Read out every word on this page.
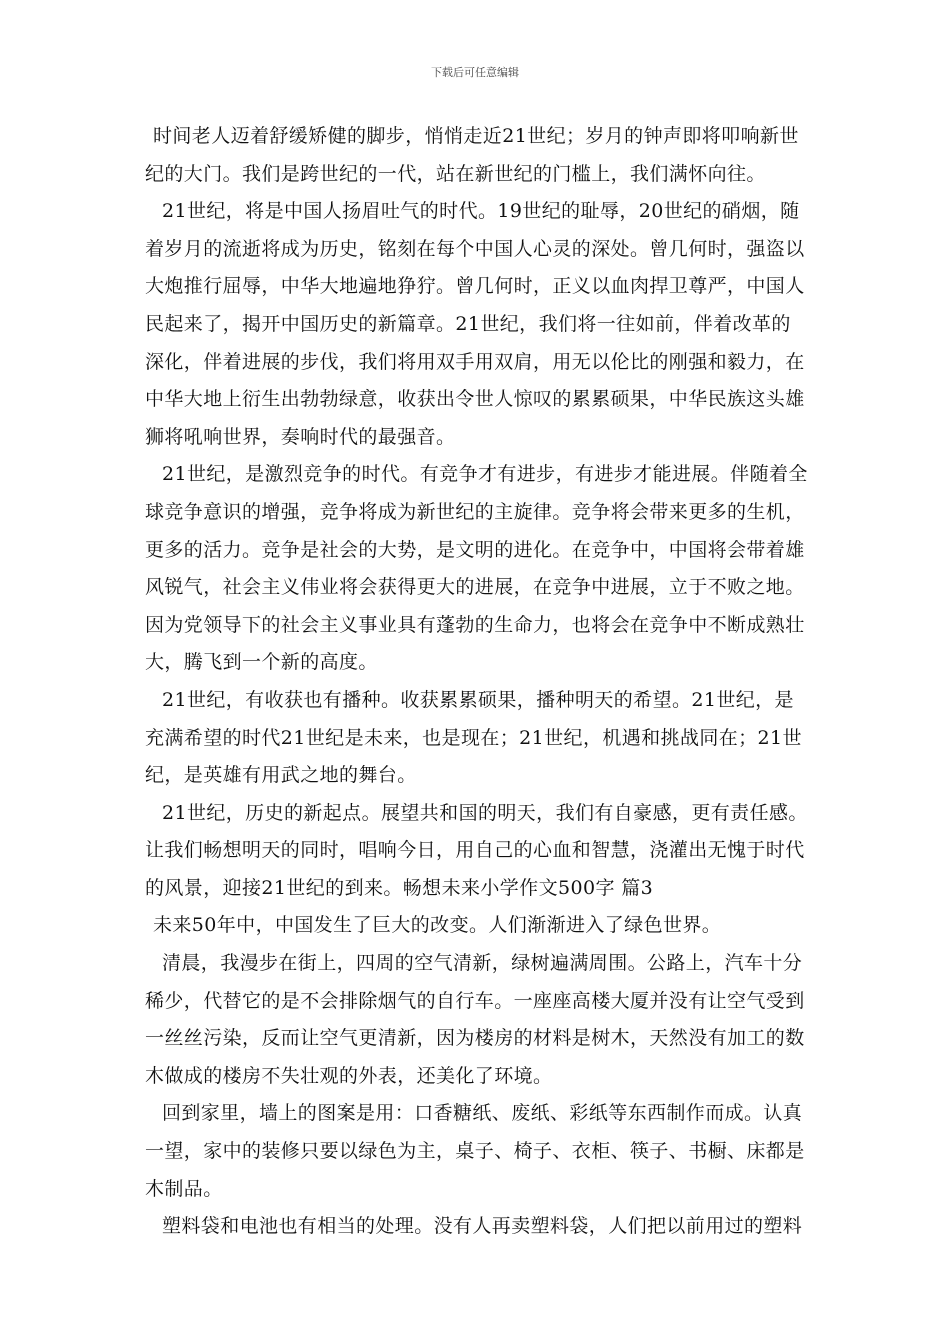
下载后可任意编辑

时间老人迈着舒缓矫健的脚步，悄悄走近21世纪；岁月的钟声即将叩响新世纪的大门。我们是跨世纪的一代，站在新世纪的门槛上，我们满怀向往。

21世纪，将是中国人扬眉吐气的时代。19世纪的耻辱，20世纪的硝烟，随着岁月的流逝将成为历史，铭刻在每个中国人心灵的深处。曾几何时，强盗以大炮推行屈辱，中华大地遍地狰狞。曾几何时，正义以血肉捍卫尊严，中国人民起来了，揭开中国历史的新篇章。21世纪，我们将一往如前，伴着改革的深化，伴着进展的步伐，我们将用双手用双肩，用无以伦比的刚强和毅力，在中华大地上衍生出勃勃绿意，收获出令世人惊叹的累累硕果，中华民族这头雄狮将吼响世界，奏响时代的最强音。

21世纪，是激烈竞争的时代。有竞争才有进步，有进步才能进展。伴随着全球竞争意识的增强，竞争将成为新世纪的主旋律。竞争将会带来更多的生机，更多的活力。竞争是社会的大势，是文明的进化。在竞争中，中国将会带着雄风锐气，社会主义伟业将会获得更大的进展，在竞争中进展，立于不败之地。因为党领导下的社会主义事业具有蓬勃的生命力，也将会在竞争中不断成熟壮大，腾飞到一个新的高度。

21世纪，有收获也有播种。收获累累硕果，播种明天的希望。21世纪，是充满希望的时代21世纪是未来，也是现在；21世纪，机遇和挑战同在；21世纪，是英雄有用武之地的舞台。

21世纪，历史的新起点。展望共和国的明天，我们有自豪感，更有责任感。让我们畅想明天的同时，唱响今日，用自己的心血和智慧，浇灌出无愧于时代的风景，迎接21世纪的到来。畅想未来小学作文500字 篇3

未来50年中，中国发生了巨大的改变。人们渐渐进入了绿色世界。

清晨，我漫步在街上，四周的空气清新，绿树遍满周围。公路上，汽车十分稀少，代替它的是不会排除烟气的自行车。一座座高楼大厦并没有让空气受到一丝丝污染，反而让空气更清新，因为楼房的材料是树木，天然没有加工的数木做成的楼房不失壮观的外表，还美化了环境。

回到家里，墙上的图案是用：口香糖纸、废纸、彩纸等东西制作而成。认真一望，家中的装修只要以绿色为主，桌子、椅子、衣柜、筷子、书橱、床都是木制品。

塑料袋和电池也有相当的处理。没有人再卖塑料袋，人们把以前用过的塑料
